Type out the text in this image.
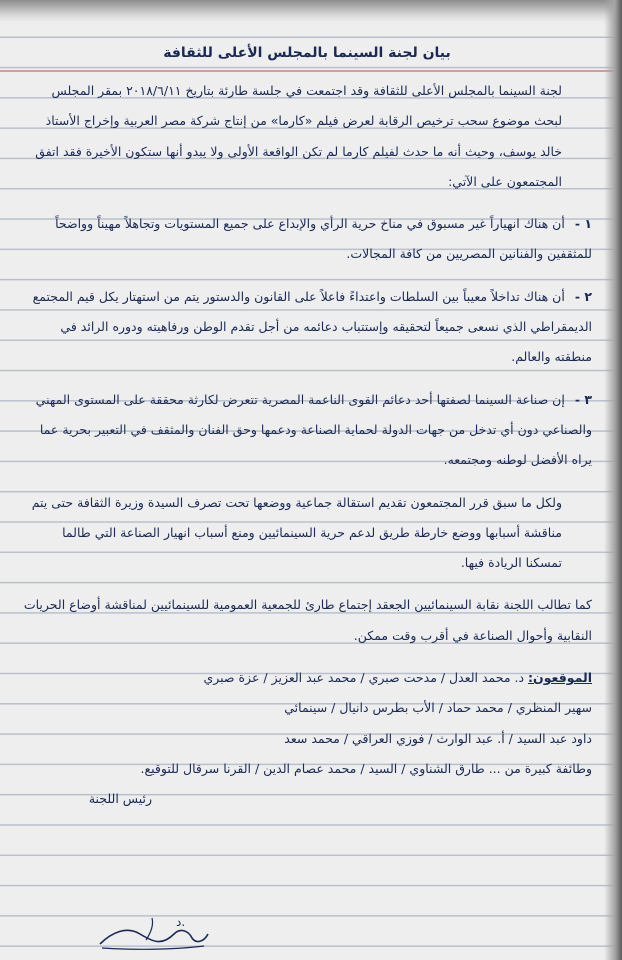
بيان لجنة السينما بالمجلس الأعلى للثقافة

لجنة السينما بالمجلس الأعلى للثقافة وقد اجتمعت في جلسة طارئة بتاريخ ٢٠١٨/٦/١١ بمقر المجلس لبحث موضوع سحب ترخيص الرقابة لعرض فيلم «كارما» من إنتاج شركة مصر العربية وإخراج الأستاذ خالد يوسف، وحيث أنه ما حدث لفيلم كارما لم تكن الواقعة الأولى ولا يبدو أنها ستكون الأخيرة فقد اتفق المجتمعون على الآتي:

١ - أن هناك انهياراً غير مسبوق في مناخ حرية الرأي والإبداع على جميع المستويات وتجاهلاً مهيناً وواضحاً للمثقفين والفنانين المصريين من كافة المجالات.

٢ - أن هناك تداخلاً معيباً بين السلطات واعتداءً فاعلاً على القانون والدستور يتم من استهتار يكل قيم المجتمع الديمقراطي الذي نسعى جميعاً لتحقيقه وإستتباب دعائمه من أجل تقدم الوطن ورفاهيته ودوره الرائد في منطقته والعالم.

٣ - إن صناعة السينما لصفتها أحد دعائم القوى الناعمة المصرية تتعرض لكارثة محققة على المستوى المهني والصناعي دون أي تدخل من جهات الدولة لحماية الصناعة ودعمها وحق الفنان والمثقف في التعبير بحرية عما يراه الأفضل لوطنه ومجتمعه.

ولكل ما سبق قرر المجتمعون تقديم استقالة جماعية ووضعها تحت تصرف السيدة وزيرة الثقافة حتى يتم مناقشة أسبابها ووضع خارطة طريق لدعم حرية السينمائيين ومنع أسباب انهيار الصناعة التي طالما تمسكنا الريادة فيها.

كما تطالب اللجنة نقابة السينمائيين الجعقد إجتماع طارئ للجمعية العمومية للسينمائيين لمناقشة أوضاع الحريات النقابية وأحوال الصناعة في أقرب وقت ممكن.

الموقعون: د. محمد العدل / مدحت صبري / محمد عبد العزيز / عزة صبري
سهير المنظري / محمد حماد / الأب بطرس دانيال / سينمائي
داود عبد السيد / أ. عبد الوارث / فوزي العراقي / محمد سعد
وطائفة كبيرة من ... طارق الشناوي / السيد / محمد عصام الدين / القرنا سرقال للتوقيع.
رئيس اللجنة
د.
